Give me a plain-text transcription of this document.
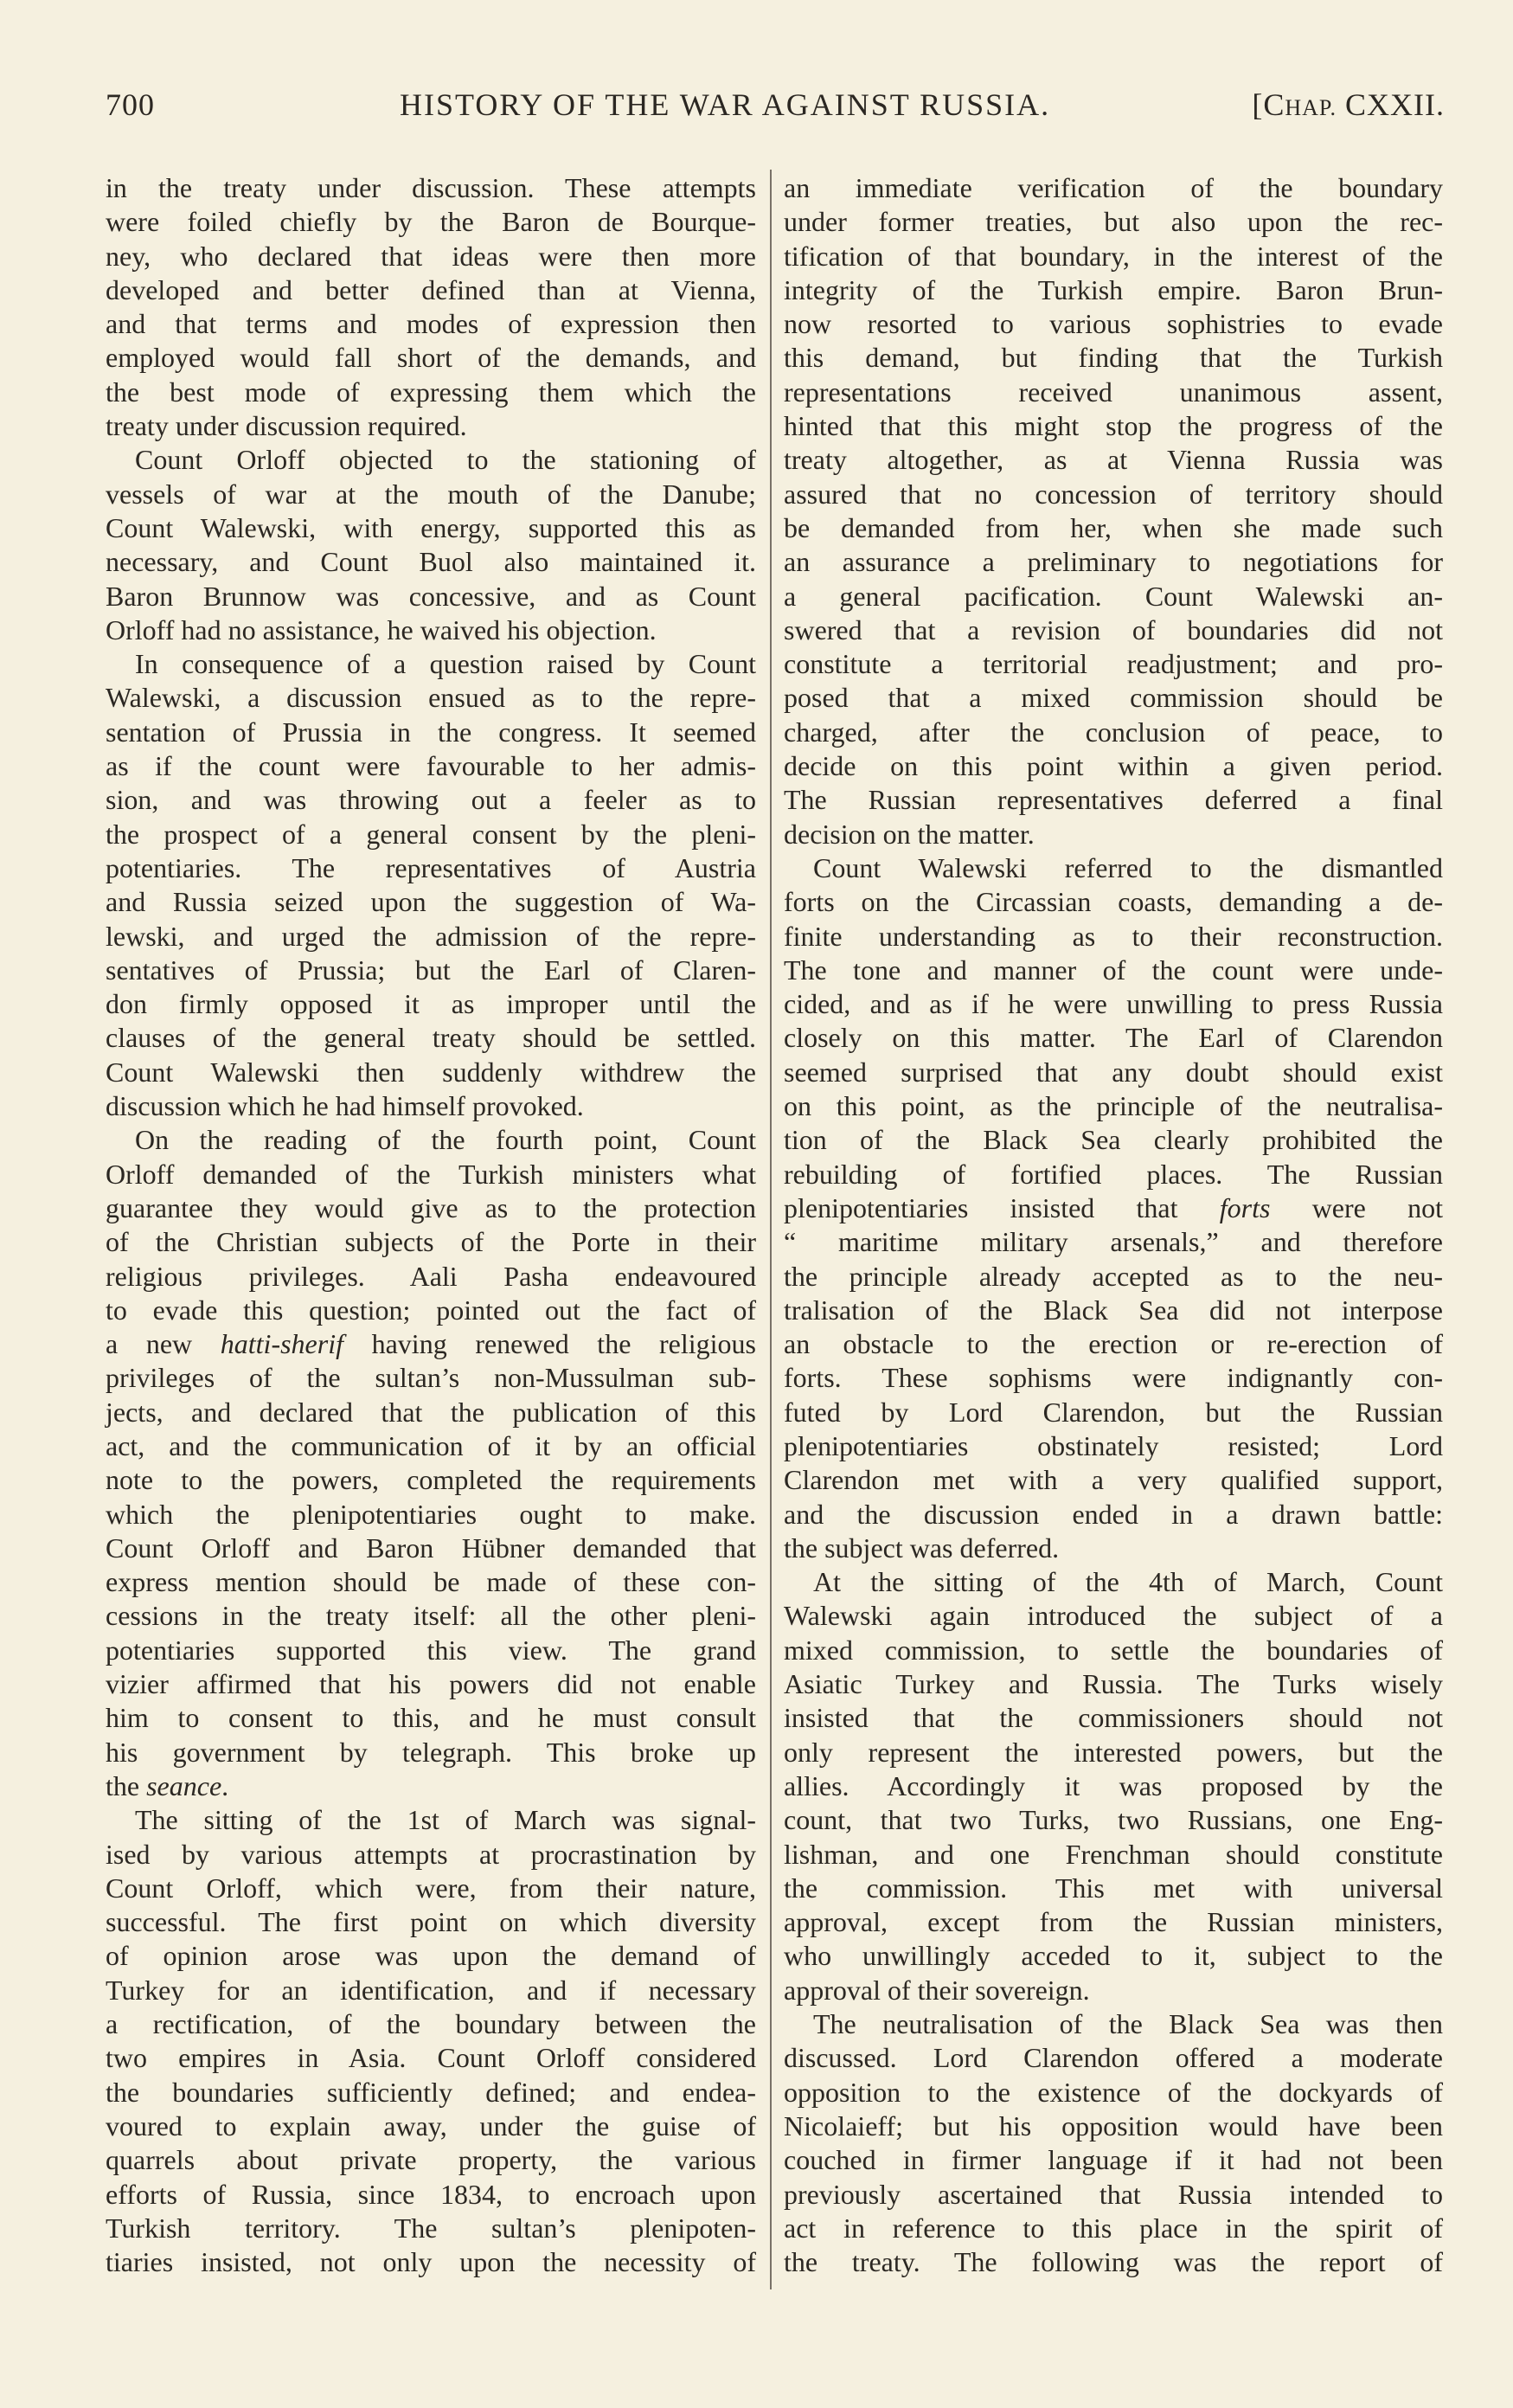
700	HISTORY OF THE WAR AGAINST RUSSIA.	[CHAP. CXXII.
in the treaty under discussion. These attempts
were foiled chiefly by the Baron de Bourque-
ney, who declared that ideas were then more
developed and better defined than at Vienna,
and that terms and modes of expression then
employed would fall short of the demands, and
the best mode of expressing them which the
treaty under discussion required.
Count Orloff objected to the stationing of
vessels of war at the mouth of the Danube;
Count Walewski, with energy, supported this as
necessary, and Count Buol also maintained it.
Baron Brunnow was concessive, and as Count
Orloff had no assistance, he waived his objection.
In consequence of a question raised by Count
Walewski, a discussion ensued as to the repre-
sentation of Prussia in the congress. It seemed
as if the count were favourable to her admis-
sion, and was throwing out a feeler as to
the prospect of a general consent by the pleni-
potentiaries. The representatives of Austria
and Russia seized upon the suggestion of Wa-
lewski, and urged the admission of the repre-
sentatives of Prussia; but the Earl of Claren-
don firmly opposed it as improper until the
clauses of the general treaty should be settled.
Count Walewski then suddenly withdrew the
discussion which he had himself provoked.
On the reading of the fourth point, Count
Orloff demanded of the Turkish ministers what
guarantee they would give as to the protection
of the Christian subjects of the Porte in their
religious privileges. Aali Pasha endeavoured
to evade this question; pointed out the fact of
a new hatti-sherif having renewed the religious
privileges of the sultan’s non-Mussulman sub-
jects, and declared that the publication of this
act, and the communication of it by an official
note to the powers, completed the requirements
which the plenipotentiaries ought to make.
Count Orloff and Baron Hübner demanded that
express mention should be made of these con-
cessions in the treaty itself: all the other pleni-
potentiaries supported this view. The grand
vizier affirmed that his powers did not enable
him to consent to this, and he must consult
his government by telegraph. This broke up
the seance.
The sitting of the 1st of March was signal-
ised by various attempts at procrastination by
Count Orloff, which were, from their nature,
successful. The first point on which diversity
of opinion arose was upon the demand of
Turkey for an identification, and if necessary
a rectification, of the boundary between the
two empires in Asia. Count Orloff considered
the boundaries sufficiently defined; and endea-
voured to explain away, under the guise of
quarrels about private property, the various
efforts of Russia, since 1834, to encroach upon
Turkish territory. The sultan’s plenipoten-
tiaries insisted, not only upon the necessity of
an immediate verification of the boundary
under former treaties, but also upon the rec-
tification of that boundary, in the interest of the
integrity of the Turkish empire. Baron Brun-
now resorted to various sophistries to evade
this demand, but finding that the Turkish
representations received unanimous assent,
hinted that this might stop the progress of the
treaty altogether, as at Vienna Russia was
assured that no concession of territory should
be demanded from her, when she made such
an assurance a preliminary to negotiations for
a general pacification. Count Walewski an-
swered that a revision of boundaries did not
constitute a territorial readjustment; and pro-
posed that a mixed commission should be
charged, after the conclusion of peace, to
decide on this point within a given period.
The Russian representatives deferred a final
decision on the matter.
Count Walewski referred to the dismantled
forts on the Circassian coasts, demanding a de-
finite understanding as to their reconstruction.
The tone and manner of the count were unde-
cided, and as if he were unwilling to press Russia
closely on this matter. The Earl of Clarendon
seemed surprised that any doubt should exist
on this point, as the principle of the neutralisa-
tion of the Black Sea clearly prohibited the
rebuilding of fortified places. The Russian
plenipotentiaries insisted that forts were not
“ maritime military arsenals,” and therefore
the principle already accepted as to the neu-
tralisation of the Black Sea did not interpose
an obstacle to the erection or re-erection of
forts. These sophisms were indignantly con-
futed by Lord Clarendon, but the Russian
plenipotentiaries obstinately resisted; Lord
Clarendon met with a very qualified support,
and the discussion ended in a drawn battle:
the subject was deferred.
At the sitting of the 4th of March, Count
Walewski again introduced the subject of a
mixed commission, to settle the boundaries of
Asiatic Turkey and Russia. The Turks wisely
insisted that the commissioners should not
only represent the interested powers, but the
allies. Accordingly it was proposed by the
count, that two Turks, two Russians, one Eng-
lishman, and one Frenchman should constitute
the commission. This met with universal
approval, except from the Russian ministers,
who unwillingly acceded to it, subject to the
approval of their sovereign.
The neutralisation of the Black Sea was then
discussed. Lord Clarendon offered a moderate
opposition to the existence of the dockyards of
Nicolaieff; but his opposition would have been
couched in firmer language if it had not been
previously ascertained that Russia intended to
act in reference to this place in the spirit of
the treaty. The following was the report of
